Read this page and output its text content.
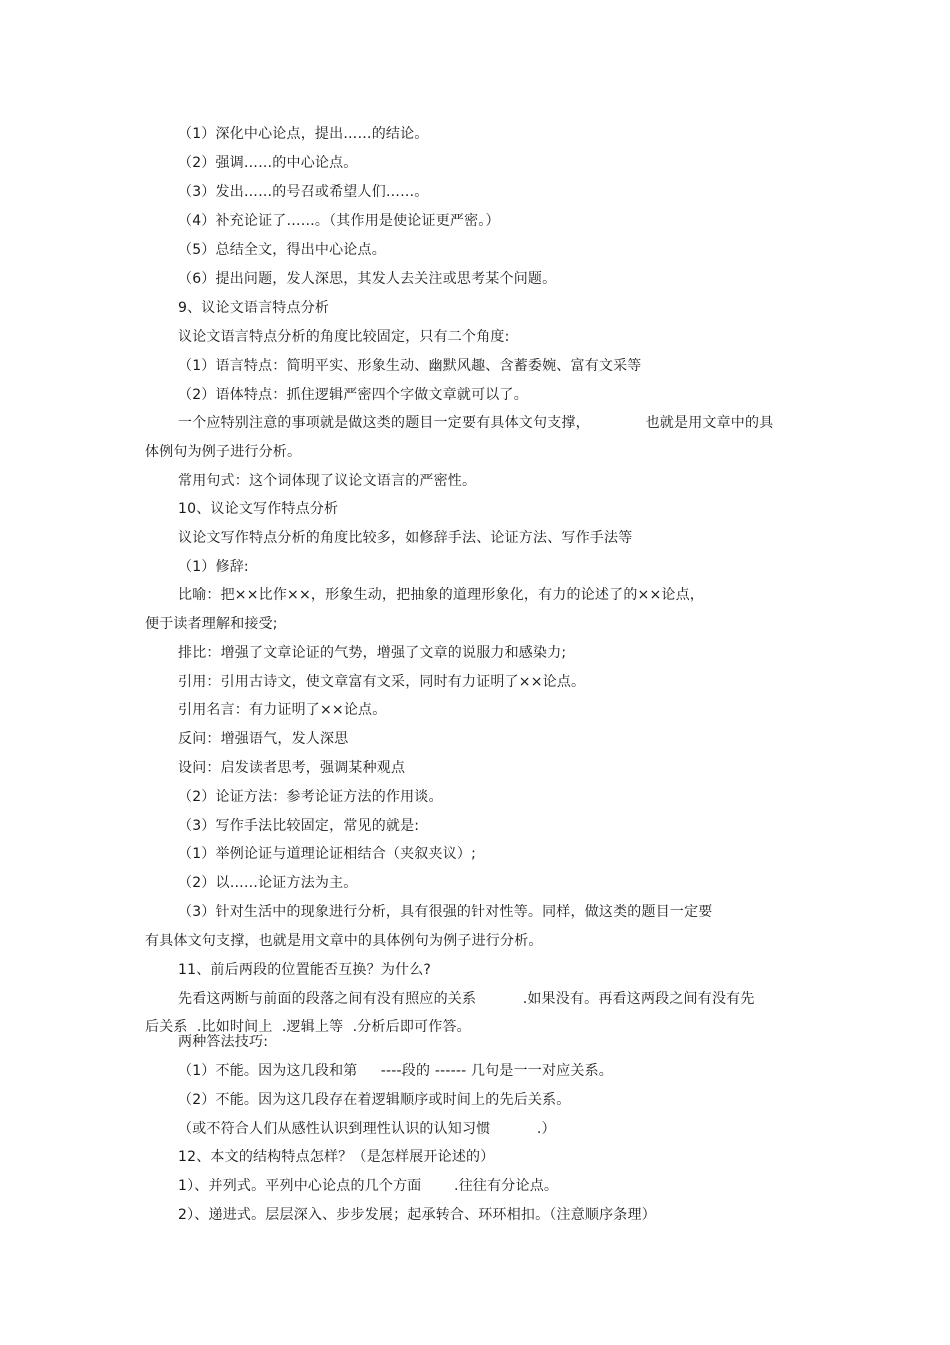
（1）深化中心论点，提出……的结论。
（2）强调……的中心论点。
（3）发出……的号召或希望人们……。
（4）补充论证了……。（其作用是使论证更严密。）
（5）总结全文，得出中心论点。
（6）提出问题，发人深思，其发人去关注或思考某个问题。
9、议论文语言特点分析
议论文语言特点分析的角度比较固定，只有二个角度:
（1）语言特点：简明平实、形象生动、幽默风趣、含蓄委婉、富有文采等
（2）语体特点：抓住逻辑严密四个字做文章就可以了。
一个应特别注意的事项就是做这类的题目一定要有具体文句支撑，            也就是用文章中的具
体例句为例子进行分析。
常用句式：这个词体现了议论文语言的严密性。
10、议论文写作特点分析
议论文写作特点分析的角度比较多，如修辞手法、论证方法、写作手法等
（1）修辞:
比喻：把××比作××，形象生动，把抽象的道理形象化，有力的论述了的××论点，
便于读者理解和接受;
排比：增强了文章论证的气势，增强了文章的说服力和感染力;
引用：引用古诗文，使文章富有文采，同时有力证明了××论点。
引用名言：有力证明了××论点。
反问：增强语气，发人深思
设问：启发读者思考，强调某种观点
（2）论证方法：参考论证方法的作用谈。
（3）写作手法比较固定，常见的就是:
（1）举例论证与道理论证相结合（夹叙夹议）;
（2）以……论证方法为主。
（3）针对生活中的现象进行分析，具有很强的针对性等。同样，做这类的题目一定要
有具体文句支撑，也就是用文章中的具体例句为例子进行分析。
11、前后两段的位置能否互换？为什么?
先看这两断与前面的段落之间有没有照应的关系          .如果没有。再看这两段之间有没有先
后关系  .比如时间上  .逻辑上等  .分析后即可作答。
两种答法技巧:
（1）不能。因为这几段和第     ----段的 ------ 几句是一一对应关系。
（2）不能。因为这几段存在着逻辑顺序或时间上的先后关系。
（或不符合人们从感性认识到理性认识的认知习惯          .）
12、本文的结构特点怎样？（是怎样展开论述的）
1）、并列式。平列中心论点的几个方面       .往往有分论点。
2）、递进式。层层深入、步步发展；起承转合、环环相扣。（注意顺序条理）
